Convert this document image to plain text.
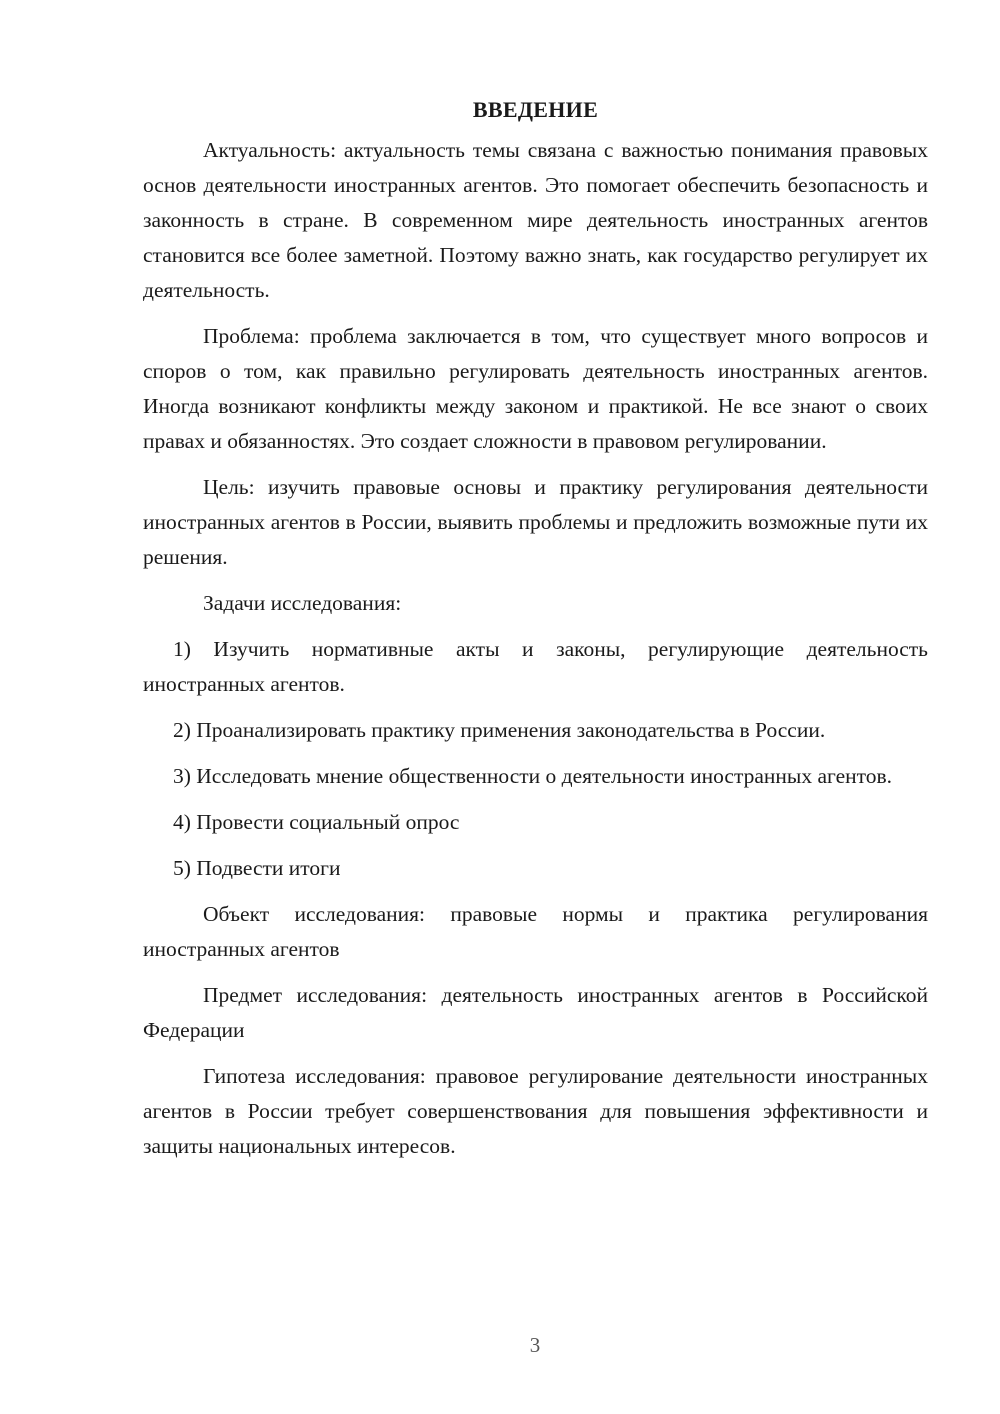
ВВЕДЕНИЕ

Актуальность: актуальность темы связана с важностью понимания правовых основ деятельности иностранных агентов. Это помогает обеспечить безопасность и законность в стране. В современном мире деятельность иностранных агентов становится все более заметной. Поэтому важно знать, как государство регулирует их деятельность.

Проблема: проблема заключается в том, что существует много вопросов и споров о том, как правильно регулировать деятельность иностранных агентов. Иногда возникают конфликты между законом и практикой. Не все знают о своих правах и обязанностях. Это создает сложности в правовом регулировании.

Цель: изучить правовые основы и практику регулирования деятельности иностранных агентов в России, выявить проблемы и предложить возможные пути их решения.

Задачи исследования:

1) Изучить нормативные акты и законы, регулирующие деятельность иностранных агентов.

2) Проанализировать практику применения законодательства в России.

3) Исследовать мнение общественности о деятельности иностранных агентов.

4) Провести социальный опрос

5) Подвести итоги

Объект исследования: правовые нормы и практика регулирования иностранных агентов

Предмет исследования: деятельность иностранных агентов в Российской Федерации

Гипотеза исследования: правовое регулирование деятельности иностранных агентов в России требует совершенствования для повышения эффективности и защиты национальных интересов.

3
